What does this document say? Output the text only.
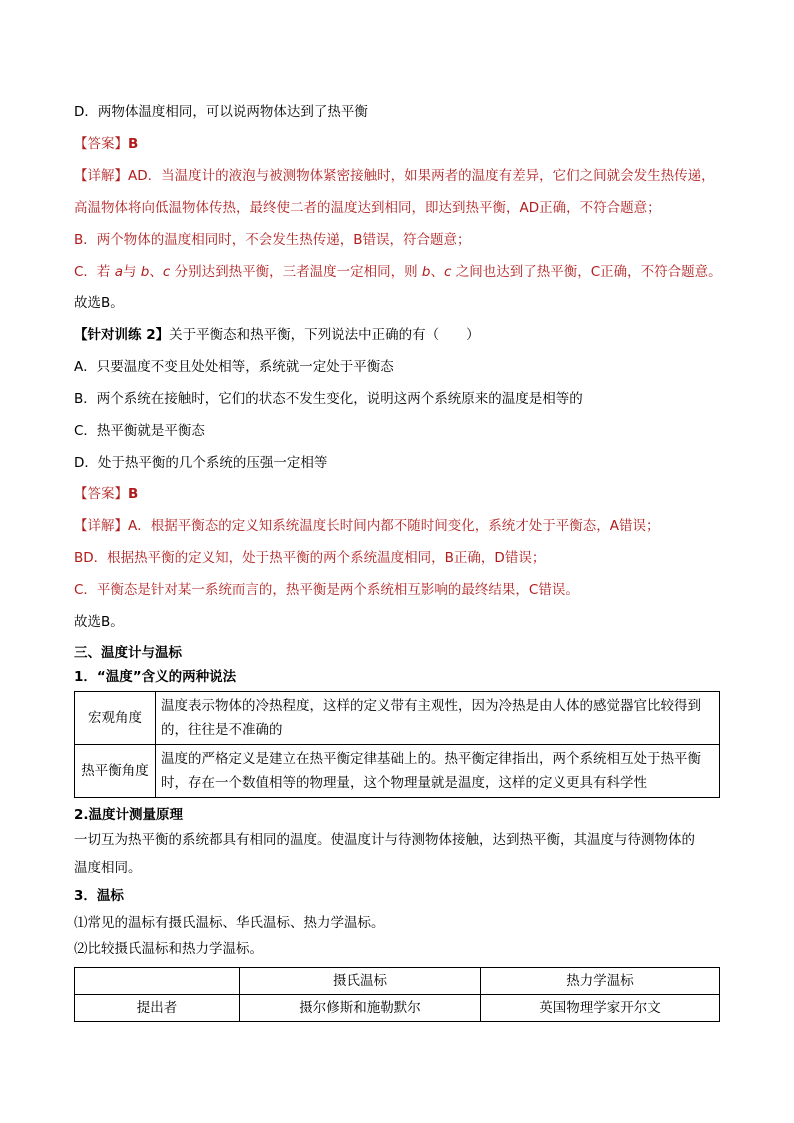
D．两物体温度相同，可以说两物体达到了热平衡
【答案】B
【详解】AD．当温度计的液泡与被测物体紧密接触时，如果两者的温度有差异，它们之间就会发生热传递，
高温物体将向低温物体传热，最终使二者的温度达到相同，即达到热平衡，AD正确，不符合题意；
B．两个物体的温度相同时，不会发生热传递，B错误，符合题意；
C．若 a与 b、c 分别达到热平衡，三者温度一定相同，则 b、c 之间也达到了热平衡，C正确，不符合题意。
故选B。
【针对训练 2】关于平衡态和热平衡，下列说法中正确的有（　　）
A．只要温度不变且处处相等，系统就一定处于平衡态
B．两个系统在接触时，它们的状态不发生变化，说明这两个系统原来的温度是相等的
C．热平衡就是平衡态
D．处于热平衡的几个系统的压强一定相等
【答案】B
【详解】A．根据平衡态的定义知系统温度长时间内都不随时间变化，系统才处于平衡态，A错误；
BD．根据热平衡的定义知，处于热平衡的两个系统温度相同，B正确，D错误；
C．平衡态是针对某一系统而言的，热平衡是两个系统相互影响的最终结果，C错误。
故选B。
三、温度计与温标
1．“温度”含义的两种说法
宏观角度	温度表示物体的冷热程度，这样的定义带有主观性，因为冷热是由人体的感觉器官比较得到的，往往是不准确的
热平衡角度	温度的严格定义是建立在热平衡定律基础上的。热平衡定律指出，两个系统相互处于热平衡时，存在一个数值相等的物理量，这个物理量就是温度，这样的定义更具有科学性
2.温度计测量原理
一切互为热平衡的系统都具有相同的温度。使温度计与待测物体接触，达到热平衡，其温度与待测物体的
温度相同。
3．温标
⑴常见的温标有摄氏温标、华氏温标、热力学温标。
⑵比较摄氏温标和热力学温标。
	摄氏温标	热力学温标
提出者	摄尔修斯和施勒默尔	英国物理学家开尔文
